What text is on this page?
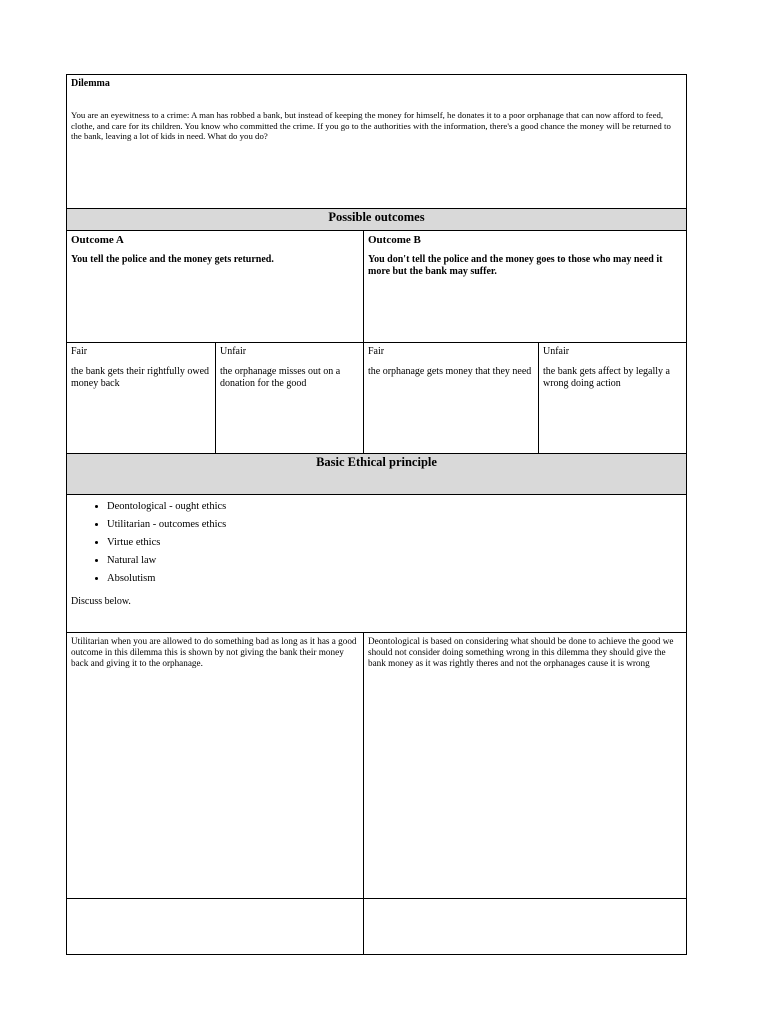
Dilemma
You are an eyewitness to a crime: A man has robbed a bank, but instead of keeping the money for himself, he donates it to a poor orphanage that can now afford to feed, clothe, and care for its children. You know who committed the crime. If you go to the authorities with the information, there's a good chance the money will be returned to the bank, leaving a lot of kids in need. What do you do?
Possible outcomes
Outcome A
You tell the police and the money gets returned.
Outcome B
You don't tell the police and the money goes to those who may need it more but the bank may suffer.
Fair
the bank gets their rightfully owed money back
Unfair
the orphanage misses out on a donation for the good
Fair
the orphanage gets money that they need
Unfair
the bank gets affect by legally a wrong doing action
Basic Ethical principle
• Deontological - ought ethics
• Utilitarian - outcomes ethics
• Virtue ethics
• Natural law
• Absolutism
Discuss below.
Utilitarian when you are allowed to do something bad as long as it has a good outcome in this dilemma this is shown by not giving the bank their money back and giving it to the orphanage.
Deontological is based on considering what should be done to achieve the good we should not consider doing something wrong in this dilemma they should give the bank money as it was rightly theres and not the orphanages cause it is wrong
